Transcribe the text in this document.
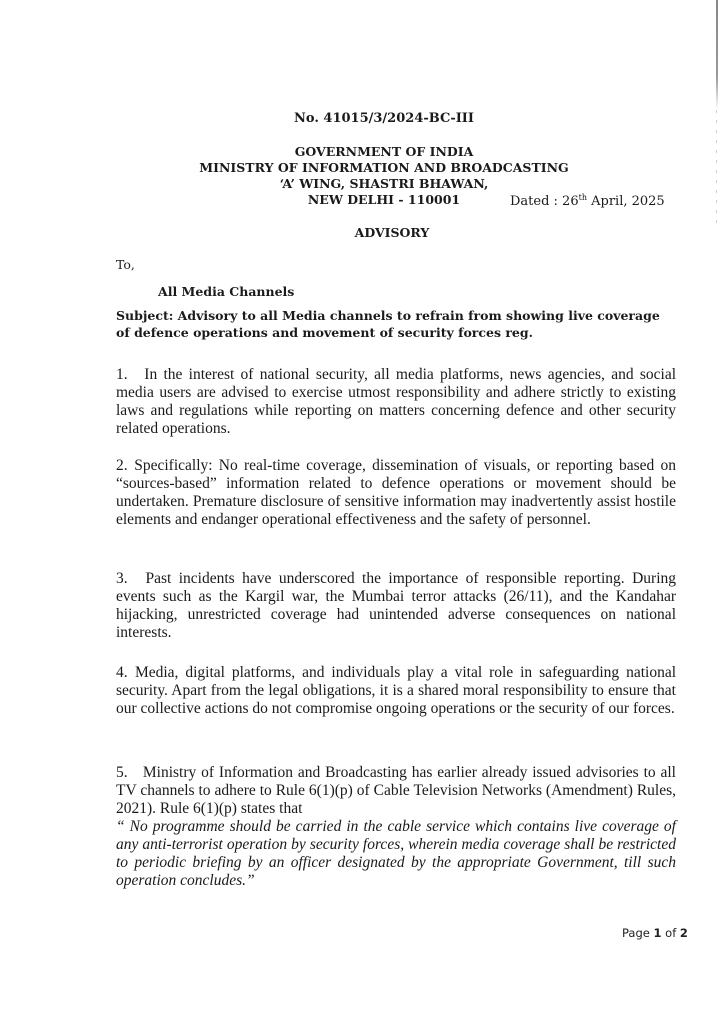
No. 41015/3/2024-BC-III
GOVERNMENT OF INDIA
MINISTRY OF INFORMATION AND BROADCASTING
‘A’ WING, SHASTRI BHAWAN,
NEW DELHI - 110001	Dated : 26th April, 2025
ADVISORY
To,
All Media Channels
Subject: Advisory to all Media channels to refrain from showing live coverage of defence operations and movement of security forces reg.
1. In the interest of national security, all media platforms, news agencies, and social media users are advised to exercise utmost responsibility and adhere strictly to existing laws and regulations while reporting on matters concerning defence and other security related operations.
2. Specifically: No real-time coverage, dissemination of visuals, or reporting based on “sources-based” information related to defence operations or movement should be undertaken. Premature disclosure of sensitive information may inadvertently assist hostile elements and endanger operational effectiveness and the safety of personnel.
3. Past incidents have underscored the importance of responsible reporting. During events such as the Kargil war, the Mumbai terror attacks (26/11), and the Kandahar hijacking, unrestricted coverage had unintended adverse consequences on national interests.
4. Media, digital platforms, and individuals play a vital role in safeguarding national security. Apart from the legal obligations, it is a shared moral responsibility to ensure that our collective actions do not compromise ongoing operations or the security of our forces.
5. Ministry of Information and Broadcasting has earlier already issued advisories to all TV channels to adhere to Rule 6(1)(p) of Cable Television Networks (Amendment) Rules, 2021). Rule 6(1)(p) states that
“ No programme should be carried in the cable service which contains live coverage of any anti-terrorist operation by security forces, wherein media coverage shall be restricted to periodic briefing by an officer designated by the appropriate Government, till such operation concludes.”
Page 1 of 2
